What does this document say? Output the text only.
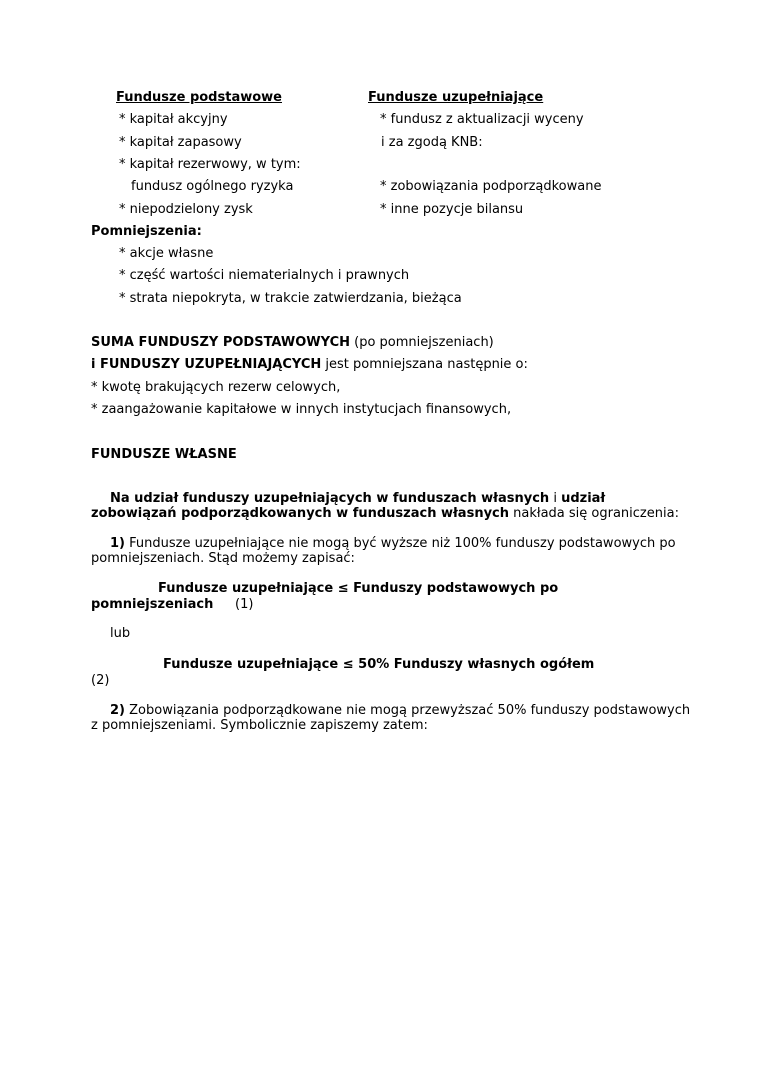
Fundusze podstawowe	Fundusze uzupełniające
* kapitał akcyjny
* kapitał zapasowy
* kapitał rezerwowy, w tym:
fundusz ogólnego ryzyka
* niepodzielony zysk
* fundusz z aktualizacji wyceny
i za zgodą KNB:
* zobowiązania podporządkowane
* inne pozycje bilansu
Pomniejszenia:
* akcje własne
* część wartości niematerialnych i prawnych
* strata niepokryta, w trakcie zatwierdzania, bieżąca
SUMA FUNDUSZY PODSTAWOWYCH (po pomniejszeniach)
i FUNDUSZY UZUPEŁNIAJĄCYCH jest pomniejszana następnie o:
* kwotę brakujących rezerw celowych,
* zaangażowanie kapitałowe w innych instytucjach finansowych,
FUNDUSZE WŁASNE
Na udział funduszy uzupełniających w funduszach własnych i udział zobowiązań podporządkowanych w funduszach własnych nakłada się ograniczenia:
1) Fundusze uzupełniające nie mogą być wyższe niż 100% funduszy podstawowych po pomniejszeniach. Stąd możemy zapisać:
Fundusze uzupełniające ≤ Funduszy podstawowych po
pomniejszeniach (1)
lub
Fundusze uzupełniające ≤ 50% Funduszy własnych ogółem
(2)
2) Zobowiązania podporządkowane nie mogą przewyższać 50% funduszy podstawowych z pomniejszeniami. Symbolicznie zapiszemy zatem:
